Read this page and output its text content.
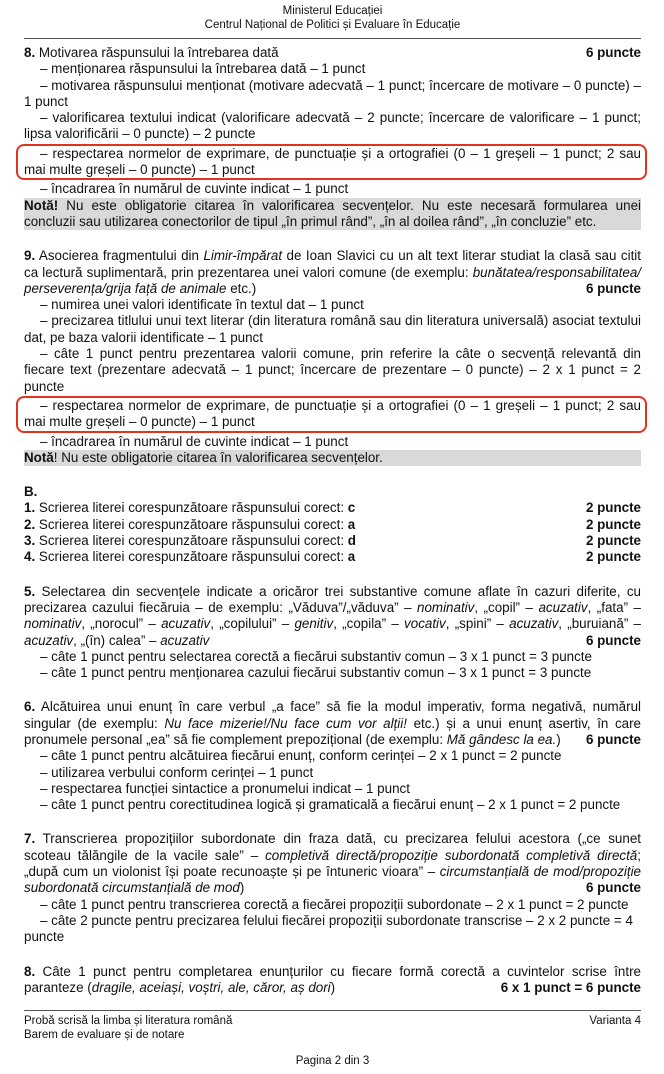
Ministerul Educației
Centrul Național de Politici și Evaluare în Educație

8. Motivarea răspunsului la întrebarea dată	6 puncte

– menționarea răspunsului la întrebarea dată – 1 punct

– motivarea răspunsului menționat (motivare adecvată – 1 punct; încercare de motivare – 0 puncte) – 1 punct

– valorificarea textului indicat (valorificare adecvată – 2 puncte; încercare de valorificare – 1 punct; lipsa valorificării – 0 puncte) – 2 puncte

– respectarea normelor de exprimare, de punctuație și a ortografiei (0 – 1 greșeli – 1 punct; 2 sau mai multe greșeli – 0 puncte) – 1 punct

– încadrarea în numărul de cuvinte indicat – 1 punct

Notă! Nu este obligatorie citarea în valorificarea secvențelor. Nu este necesară formularea unei concluzii sau utilizarea conectorilor de tipul „în primul rând”, „în al doilea rând”, „în concluzie” etc.

9. Asocierea fragmentului din Limir-împărat de Ioan Slavici cu un alt text literar studiat la clasă sau citit ca lectură suplimentară, prin prezentarea unei valori comune (de exemplu: bunătatea/responsabilitatea/ perseverența/grija față de animale etc.)	6 puncte

– numirea unei valori identificate în textul dat – 1 punct

– precizarea titlului unui text literar (din literatura română sau din literatura universală) asociat textului dat, pe baza valorii identificate – 1 punct

– câte 1 punct pentru prezentarea valorii comune, prin referire la câte o secvență relevantă din fiecare text (prezentare adecvată – 1 punct; încercare de prezentare – 0 puncte) – 2 x 1 punct = 2 puncte

– respectarea normelor de exprimare, de punctuație și a ortografiei (0 – 1 greșeli – 1 punct; 2 sau mai multe greșeli – 0 puncte) – 1 punct

– încadrarea în numărul de cuvinte indicat – 1 punct

Notă! Nu este obligatorie citarea în valorificarea secvențelor.

B.

1. Scrierea literei corespunzătoare răspunsului corect: c	2 puncte

2. Scrierea literei corespunzătoare răspunsului corect: a	2 puncte

3. Scrierea literei corespunzătoare răspunsului corect: d	2 puncte

4. Scrierea literei corespunzătoare răspunsului corect: a	2 puncte

5. Selectarea din secvențele indicate a oricăror trei substantive comune aflate în cazuri diferite, cu precizarea cazului fiecăruia – de exemplu: „Văduva”/„văduva” – nominativ, „copil” – acuzativ, „fata” – nominativ, „norocul” – acuzativ, „copilului” – genitiv, „copila” – vocativ, „spini” – acuzativ, „buruiană” – acuzativ, „(în) calea” – acuzativ	6 puncte

– câte 1 punct pentru selectarea corectă a fiecărui substantiv comun – 3 x 1 punct = 3 puncte

– câte 1 punct pentru menționarea cazului fiecărui substantiv comun – 3 x 1 punct = 3 puncte

6. Alcătuirea unui enunț în care verbul „a face” să fie la modul imperativ, forma negativă, numărul singular (de exemplu: Nu face mizerie!/Nu face cum vor alții! etc.) și a unui enunț asertiv, în care pronumele personal „ea” să fie complement prepozițional (de exemplu: Mă gândesc la ea.) 6 puncte

– câte 1 punct pentru alcătuirea fiecărui enunț, conform cerinței – 2 x 1 punct = 2 puncte

– utilizarea verbului conform cerinței – 1 punct

– respectarea funcției sintactice a pronumelui indicat – 1 punct

– câte 1 punct pentru corectitudinea logică și gramaticală a fiecărui enunț – 2 x 1 punct = 2 puncte

7. Transcrierea propozițiilor subordonate din fraza dată, cu precizarea felului acestora („ce sunet scoteau tălăngile de la vacile sale” – completivă directă/propoziție subordonată completivă directă; „după cum un violonist își poate recunoaște și pe întuneric vioara” – circumstanțială de mod/propoziție subordonată circumstanțială de mod)	6 puncte

– câte 1 punct pentru transcrierea corectă a fiecărei propoziții subordonate – 2 x 1 punct = 2 puncte

– câte 2 puncte pentru precizarea felului fiecărei propoziții subordonate transcrise – 2 x 2 puncte = 4 puncte

8. Câte 1 punct pentru completarea enunțurilor cu fiecare formă corectă a cuvintelor scrise între paranteze (dragile, aceiași, voștri, ale, căror, aș dori)	6 x 1 punct = 6 puncte

Probă scrisă la limba și literatura română
Barem de evaluare și de notare
Varianta 4
Pagina 2 din 3
